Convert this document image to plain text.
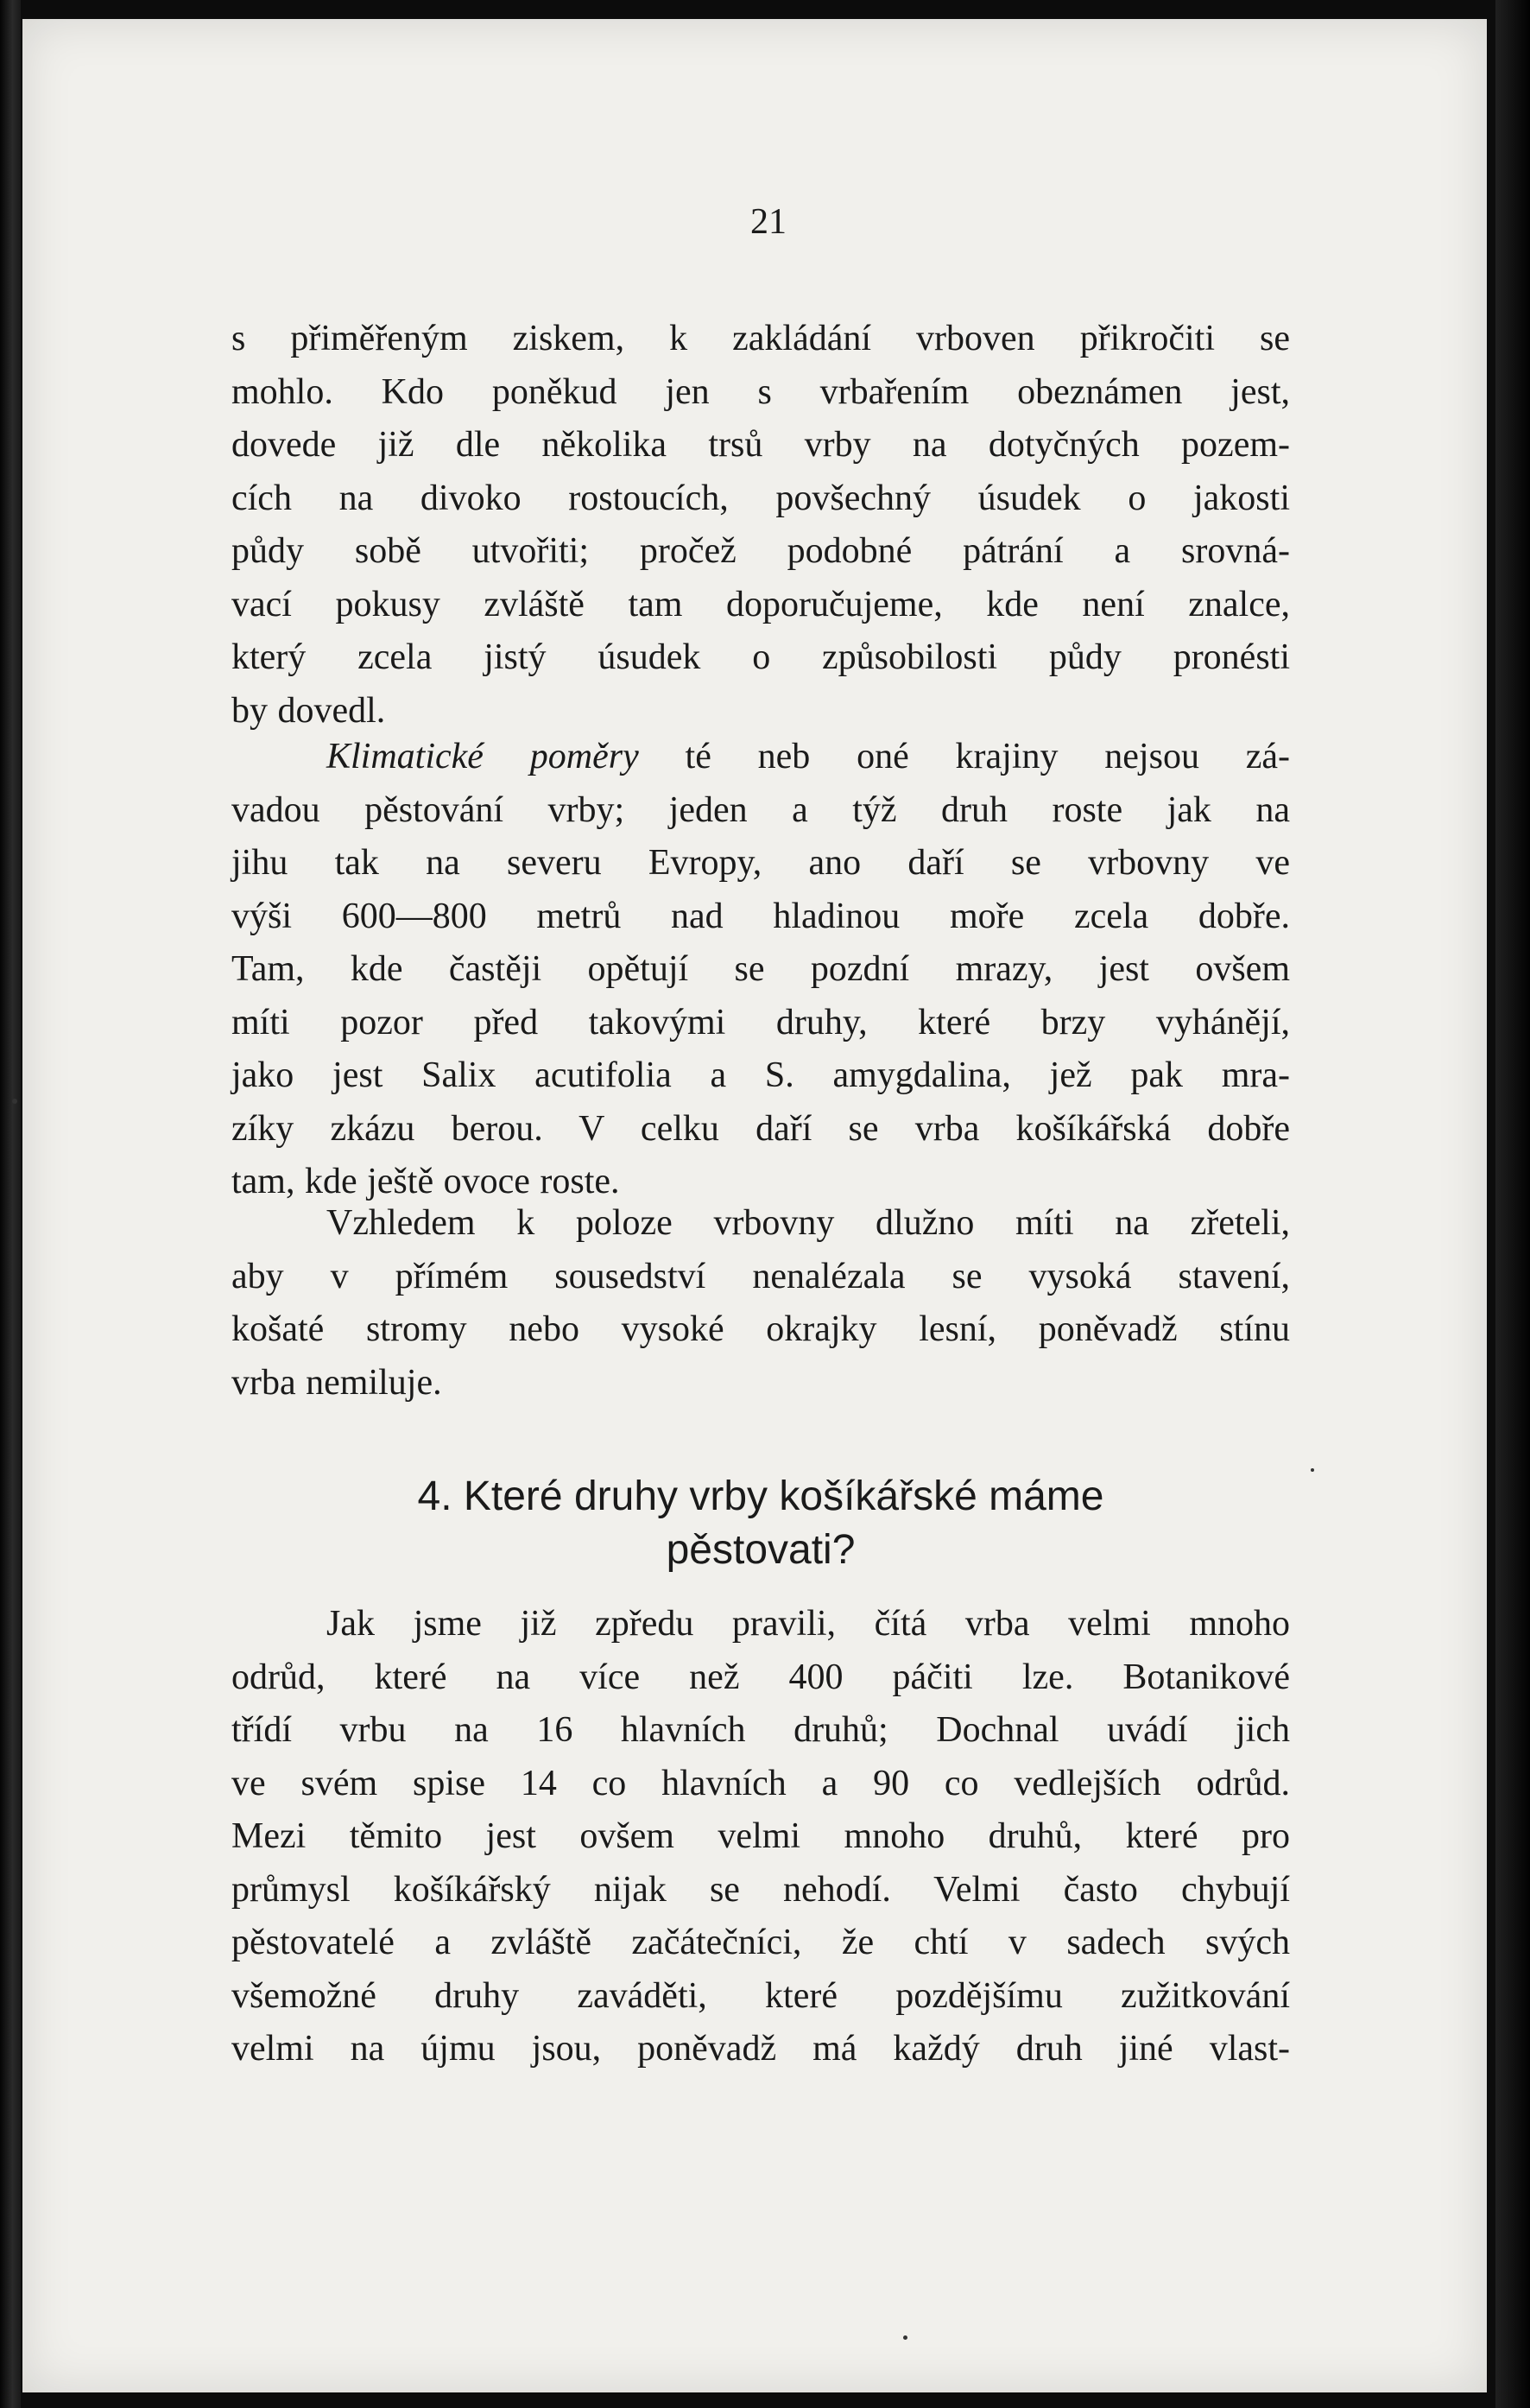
21
s přiměřeným ziskem, k zakládání vrboven přikročiti se
mohlo. Kdo poněkud jen s vrbařením obeznámen jest,
dovede již dle několika trsů vrby na dotyčných pozem-
cích na divoko rostoucích, povšechný úsudek o jakosti
půdy sobě utvořiti; pročež podobné pátrání a srovná-
vací pokusy zvláště tam doporučujeme, kde není znalce,
který zcela jistý úsudek o způsobilosti půdy pronésti
by dovedl.
Klimatické poměry té neb oné krajiny nejsou zá-
vadou pěstování vrby; jeden a týž druh roste jak na
jihu tak na severu Evropy, ano daří se vrbovny ve
výši 600—800 metrů nad hladinou moře zcela dobře.
Tam, kde častěji opětují se pozdní mrazy, jest ovšem
míti pozor před takovými druhy, které brzy vyhánějí,
jako jest Salix acutifolia a S. amygdalina, jež pak mra-
zíky zkázu berou. V celku daří se vrba košíkářská dobře
tam, kde ještě ovoce roste.
Vzhledem k poloze vrbovny dlužno míti na zřeteli,
aby v přímém sousedství nenalézala se vysoká stavení,
košaté stromy nebo vysoké okrajky lesní, poněvadž stínu
vrba nemiluje.
4. Které druhy vrby košíkářské máme
pěstovati?
Jak jsme již zpředu pravili, čítá vrba velmi mnoho
odrůd, které na více než 400 páčiti lze. Botanikové
třídí vrbu na 16 hlavních druhů; Dochnal uvádí jich
ve svém spise 14 co hlavních a 90 co vedlejších odrůd.
Mezi těmito jest ovšem velmi mnoho druhů, které pro
průmysl košíkářský nijak se nehodí. Velmi často chybují
pěstovatelé a zvláště začátečníci, že chtí v sadech svých
všemožné druhy zaváděti, které pozdějšímu zužitkování
velmi na újmu jsou, poněvadž má každý druh jiné vlast-
